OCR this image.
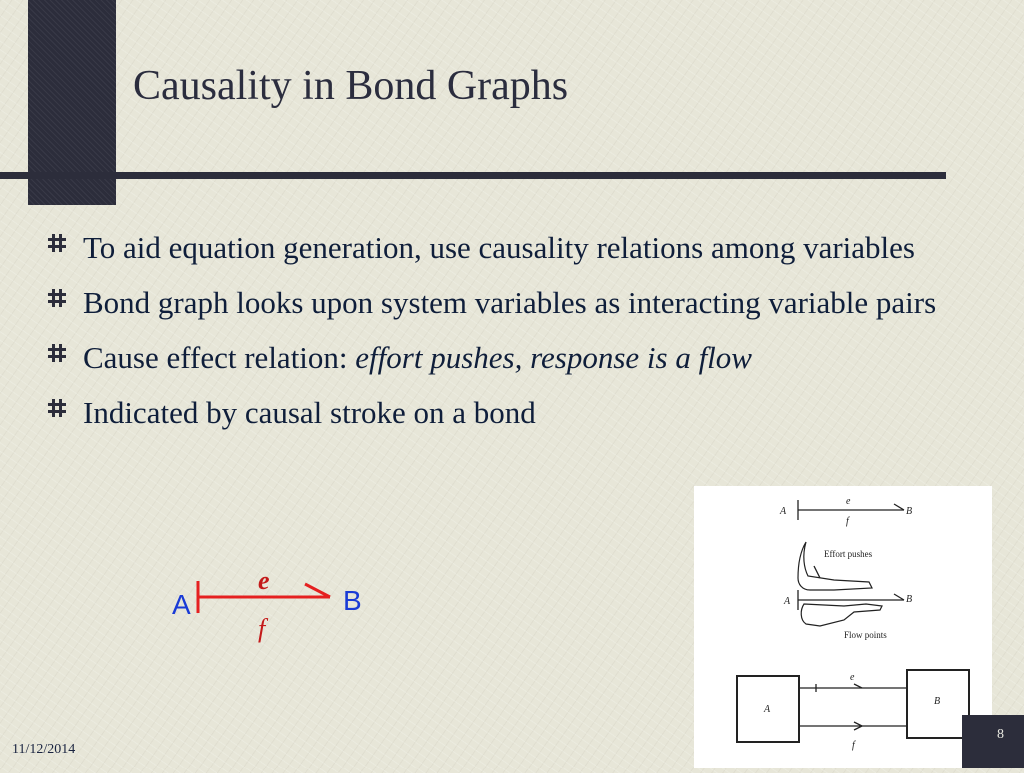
Causality in Bond Graphs
To aid equation generation, use causality relations among variables
Bond graph looks upon system variables as interacting variable pairs
Cause effect relation: effort pushes, response is a flow
Indicated by causal stroke on a bond
A	B
e
f
A	B
e
f
Effort pushes
A	B
Flow points
A
B
e
f
11/12/2014
8
